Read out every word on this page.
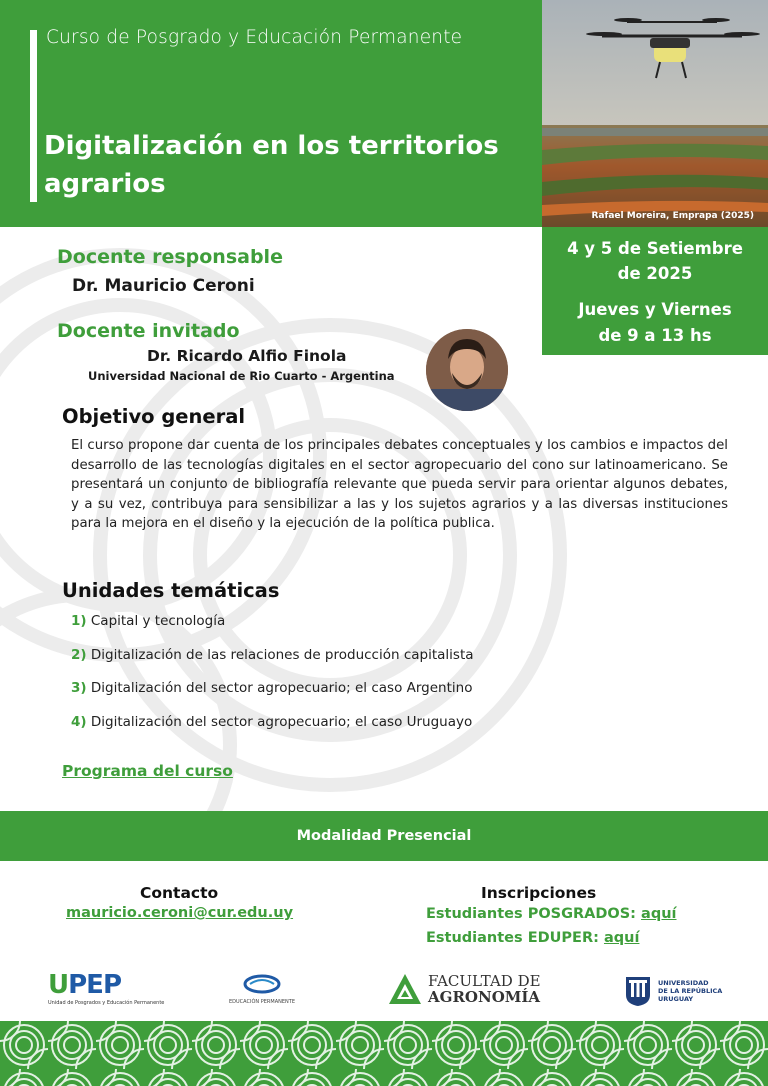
Curso de Posgrado y Educación Permanente
Digitalización en los territorios agrarios
Rafael Moreira, Emprapa (2025)
4 y 5 de Setiembre
de 2025
Jueves y Viernes
de 9 a 13 hs
Docente responsable
Dr. Mauricio Ceroni
Docente invitado
Dr. Ricardo Alfio Finola
Universidad Nacional de Rio Cuarto - Argentina
Objetivo general
El curso propone dar cuenta de los principales debates conceptuales y los cambios e impactos del desarrollo de las tecnologías digitales en el sector agropecuario del cono sur latinoamericano. Se presentará un conjunto de bibliografía relevante que pueda servir para orientar algunos debates, y a su vez, contribuya para sensibilizar a las y los sujetos agrarios y a las diversas instituciones para la mejora en el diseño y la ejecución de la política publica.
Unidades temáticas
1) Capital y tecnología
2) Digitalización de las relaciones de producción capitalista
3) Digitalización del sector agropecuario; el caso Argentino
4) Digitalización del sector agropecuario; el caso Uruguayo
Programa del curso
Modalidad Presencial
Contacto
mauricio.ceroni@cur.edu.uy
Inscripciones
Estudiantes POSGRADOS: aquí
Estudiantes EDUPER: aquí
UPEP
Unidad de Posgrados y Educación Permanente	EDUCACIÓN PERMANENTE
FACULTAD DE
AGRONOMÍA
UNIVERSIDAD
DE LA REPÚBLICA
URUGUAY
